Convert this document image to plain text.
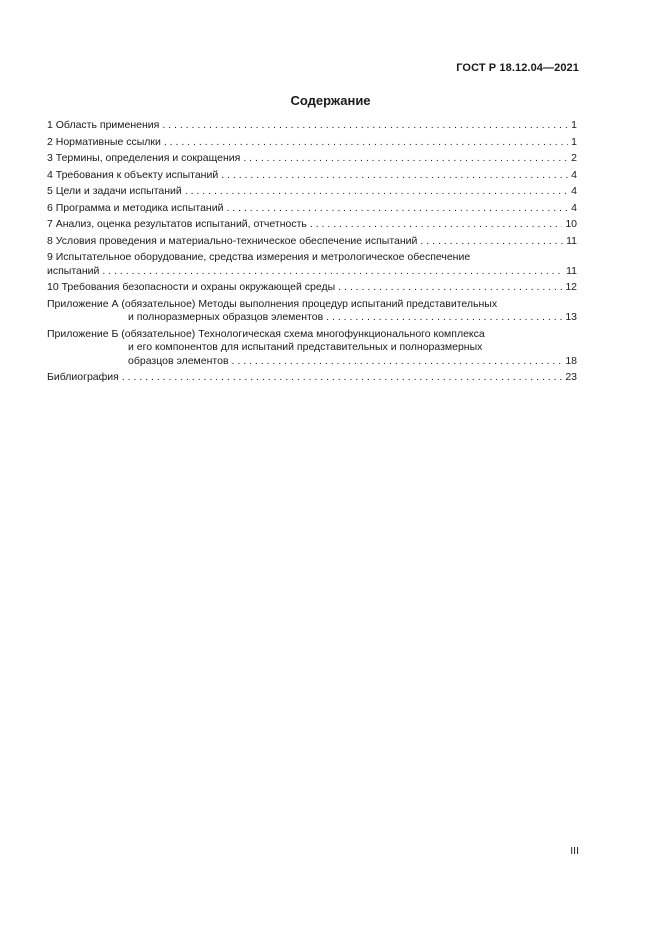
ГОСТ Р 18.12.04—2021
Содержание
1 Область применения . . .	1
2 Нормативные ссылки . . .	1
3 Термины, определения и сокращения . . .	2
4 Требования к объекту испытаний . . .	4
5 Цели и задачи испытаний . . .	4
6 Программа и методика испытаний . . .	4
7 Анализ, оценка результатов испытаний, отчетность . . .	10
8 Условия проведения и материально-техническое обеспечение испытаний . . .	11
9 Испытательное оборудование, средства измерения и метрологическое обеспечение
испытаний . . .	11
10 Требования безопасности и охраны окружающей среды . . .	12
Приложение А (обязательное) Методы выполнения процедур испытаний представительных
и полноразмерных образцов элементов . . .	13
Приложение Б (обязательное) Технологическая схема многофункционального комплекса
и его компонентов для испытаний представительных и полноразмерных
образцов элементов . . .	18
Библиография . . .	23
III
